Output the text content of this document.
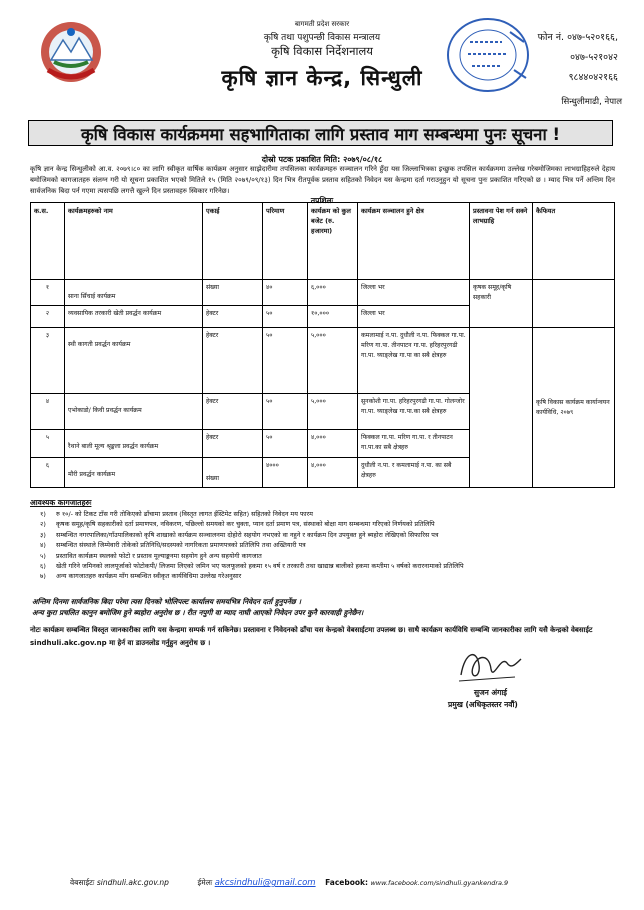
बागमती प्रदेश सरकार
कृषि तथा पशुपन्छी विकास मन्त्रालय
कृषि विकास निर्देशनालय
कृषि ज्ञान केन्द्र, सिन्धुली
फोन नं. ०४७-५२०१६६,
०४७-५२१०४२
९८४४०४२१६६
सिन्धुलीमाढी, नेपाल
कृषि विकास कार्यक्रममा सहभागिताका लागि प्रस्ताव माग सम्बन्धमा पुनः सूचना !
दोस्रो पटक प्रकाशित मिति: २०७९/०८/१८
कृषि ज्ञान केन्द्र सिन्धुलीको आ.व. २०७९।८० का लागि स्वीकृत वार्षिक कार्यक्रम अनुसार साझेदारीमा तपसिलका कार्यक्रमहरु सञ्चालन गरिने हुँदा यस जिल्लाभित्रका इच्छुक तपसिल कार्यक्रममा उल्लेख गरेबमोजिमका लाभग्राहिहरुले देहाय बमोजिमको कागजातहरु संलग्न गरी यो सूचना प्रकाशित भएको मितिले १५ (मिति २०७९/०९/१३) दिन भित्र रीतपूर्वक प्रस्ताव सहितको निवेदन यस केन्द्रमा दर्ता गराउनुहुन यो सूचना पुनः प्रकाशित गरिएको छ । म्याद भित्र पर्ने अन्तिम दिन सार्वजनिक बिदा पर्न गएमा त्यसपछि लगत्तै खुल्ने दिन प्रस्तावहरु स्विकार गरिनेछ।
तपशिलः
क.स.	कार्यक्रमहरुको नाम	एकाई	परिमाण	कार्यक्रम को कुल बजेट (रु. हजारमा)	कार्यक्रम सञ्चालन हुने क्षेत्र	प्रस्तावना पेश गर्न सक्ने लाभग्राहि	कैफियत
१	साना सिँचाई कार्यक्रम	संख्या	४०	६,०००	जिल्ला भर	कृषक समूह/कृषि सहकारी	
२	व्यवसायिक तरकारी खेती प्रवर्द्धन कार्यक्रम	हेक्टर	५०	१०,०००	जिल्ला भर		
३	स्थी कागती प्रवर्द्धन कार्यक्रम	हेक्टर	५०	५,०००	कमलामाई न.पा. दुधौली न.पा. फिक्कल गा.पा. मरिण गा.पा. तीनपाटन गा.पा. हरिहरपुरगढी गा.पा. घ्याङ्लेख गा.पा का सबै क्षेत्रहरु		कृषि विकास कार्यक्रम कार्यान्वयन कार्यविधि, २०७९
४	एभोकाडो/ किवी प्रवर्द्धन कार्यक्रम	हेक्टर	५०	५,०००	सुनकोशी गा.पा. हरिहरपुरगढी गा.पा. गोलन्जोर गा.पा. घ्याङ्लेख गा.पा.का सबै क्षेत्रहरु		
५	रैथाने बाली मूल्य श्रृङ्खला प्रवर्द्धन कार्यक्रम	हेक्टर	५०	४,०००	फिक्कल गा.पा. मरिण गा.पा. र तीनपाटन गा.पा.का सबै क्षेत्रहरु		
६	मौरी प्रवर्द्धन कार्यक्रम	संख्या	४०००	४,०००	दुधौली न.पा. र कमलामाई न.पा. का सबै क्षेत्रहरु		
आवश्यक कागजातहरुः
१)	रु १०/- को टिकट टाँस गरी तोकिएको ढाँचामा प्रस्ताव (विस्तृत लागत ईस्टिमेट सहित) सहितको निवेदन मय फारम
२)	कृषक समूह/कृषि सहकारीको दर्ता प्रमाणपत्र, नविकरण, पछिल्लो समयको कर चुक्ता, प्यान दर्ता प्रमाण पत्र, संस्थाको बोक्षा माग सम्बन्धमा गरिएको निर्णयको प्रतिलिपि
३)	सम्बन्धित नगरपालिका/गाँउपालिकाको कृषि शाखाको कार्यक्रम सञ्चालनमा दोहोरो सहयोग नभएको वा नहुने र कार्यक्रम दिन उपयुक्त हुने ब्यहोरा लेखिएको सिफारिस पत्र
४)	सम्बन्धित संस्थाले जिम्मेवारी तोकेको प्रतिनिधि/सदस्यको नागरिकता प्रमाणपत्रको प्रतिलिपि तथा अख्तियारी पत्र
५)	प्रस्तावित कार्यक्रम स्थलको फोटो र प्रस्ताव मूल्याङ्कनमा सहयोग हुने अन्य सहयोगी कागजात
६)	खेती गरिने जमिनको लालपूर्जाको फोटोकपी/ लिजमा लिएको जमिन भए फलफूलको हकमा १५ वर्ष र तरकारी तथा खाद्यान्न बालीको हकमा कम्तीमा ५ वर्षको करारनामाको प्रतिलिपि
७)	अन्य कागजातहरु कार्यक्रम माँग सम्बन्धित स्वीकृत कार्यविधिमा उल्लेख गरेअनुसार
अन्तिम दिनमा सार्वजनिक बिदा परेमा त्यस दिनको भोलिपल्ट कार्यालय समयभित्र निवेदन दर्ता हुनुपर्नेछ ।
अन्य कुरा प्रचलित कानुन बमोजिम हुने ब्यहोरा अनुरोध छ । रीत नपुगी वा म्याद नाघी आएको निवेदन उपर कुनै कारवाही हुनेछैन।
नोटः कार्यक्रम सम्बन्धित विस्तृत जानकारीका लागि यस केन्द्रमा सम्पर्क गर्न सकिनेछ। प्रस्तावना र निवेदनको ढाँचा यस केन्द्रको वेबसाईटमा उपलब्ध छ। साथै कार्यक्रम कार्यविधि सम्बन्धि जानकारीका लागि यसै केन्द्रको वेबसाईट sindhuli.akc.gov.np मा हेर्न वा डाउनलोड गर्नुहुन अनुरोध छ ।
सुजन अंगाई
प्रमुख (अधिकृतस्तर नवौं)
वेबसाईटः sindhuli.akc.gov.np	ईमेलः akcsindhuli@gmail.com Facebook: www.facebook.com/sindhuli.gyankendra.9
